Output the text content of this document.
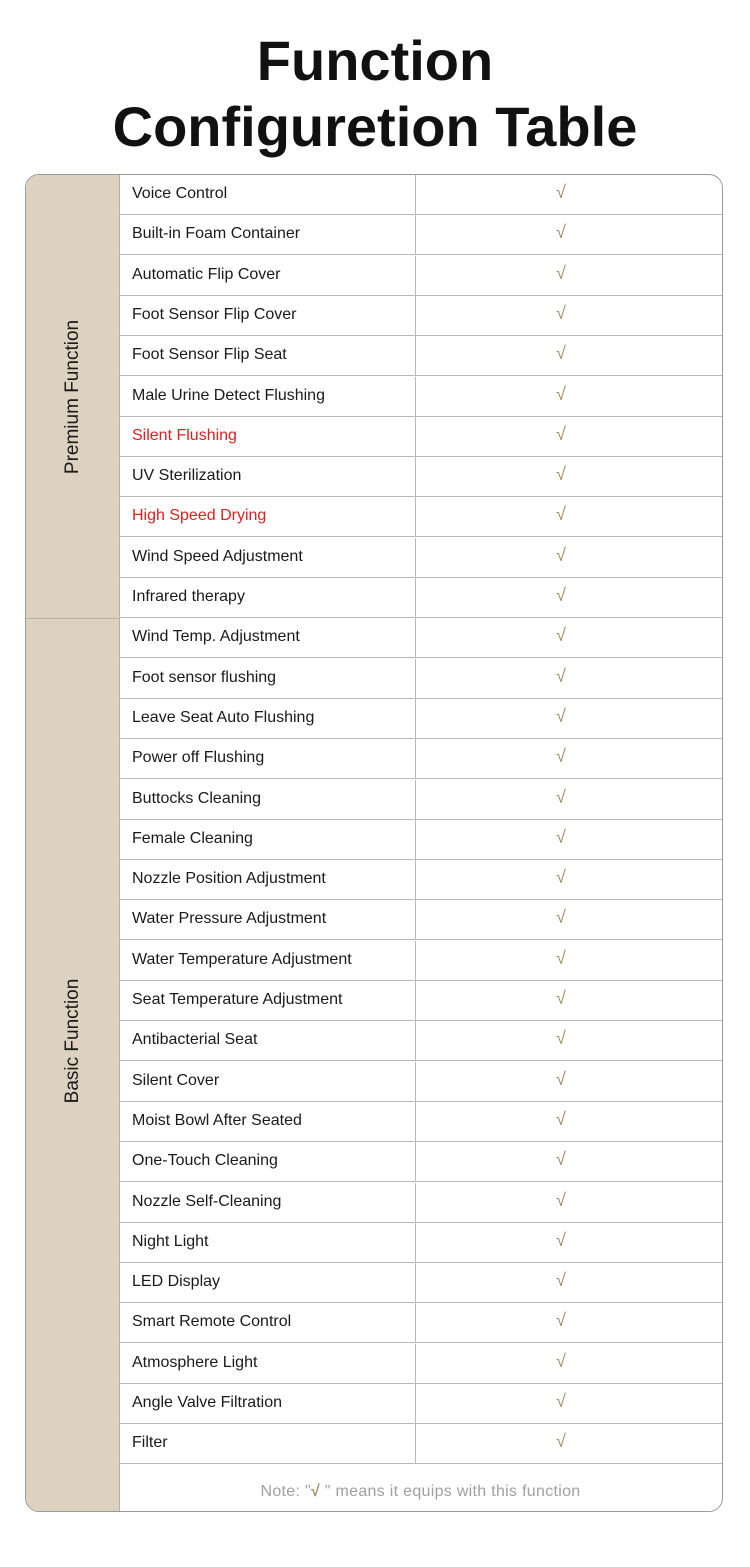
Function
Configuretion Table
Premium Function
Basic Function
Voice Control	√
Built-in Foam Container	√
Automatic Flip Cover	√
Foot Sensor Flip Cover	√
Foot Sensor Flip Seat	√
Male Urine Detect Flushing	√
Silent Flushing	√
UV Sterilization	√
High Speed Drying	√
Wind Speed Adjustment	√
Infrared therapy	√
Wind Temp. Adjustment	√
Foot sensor flushing	√
Leave Seat Auto Flushing	√
Power off Flushing	√
Buttocks Cleaning	√
Female Cleaning	√
Nozzle Position Adjustment	√
Water Pressure Adjustment	√
Water Temperature Adjustment	√
Seat Temperature Adjustment	√
Antibacterial Seat	√
Silent Cover	√
Moist Bowl After Seated	√
One-Touch Cleaning	√
Nozzle Self-Cleaning	√
Night Light	√
LED Display	√
Smart Remote Control	√
Atmosphere Light	√
Angle Valve Filtration	√
Filter	√
Note: "√ " means it equips with this function
